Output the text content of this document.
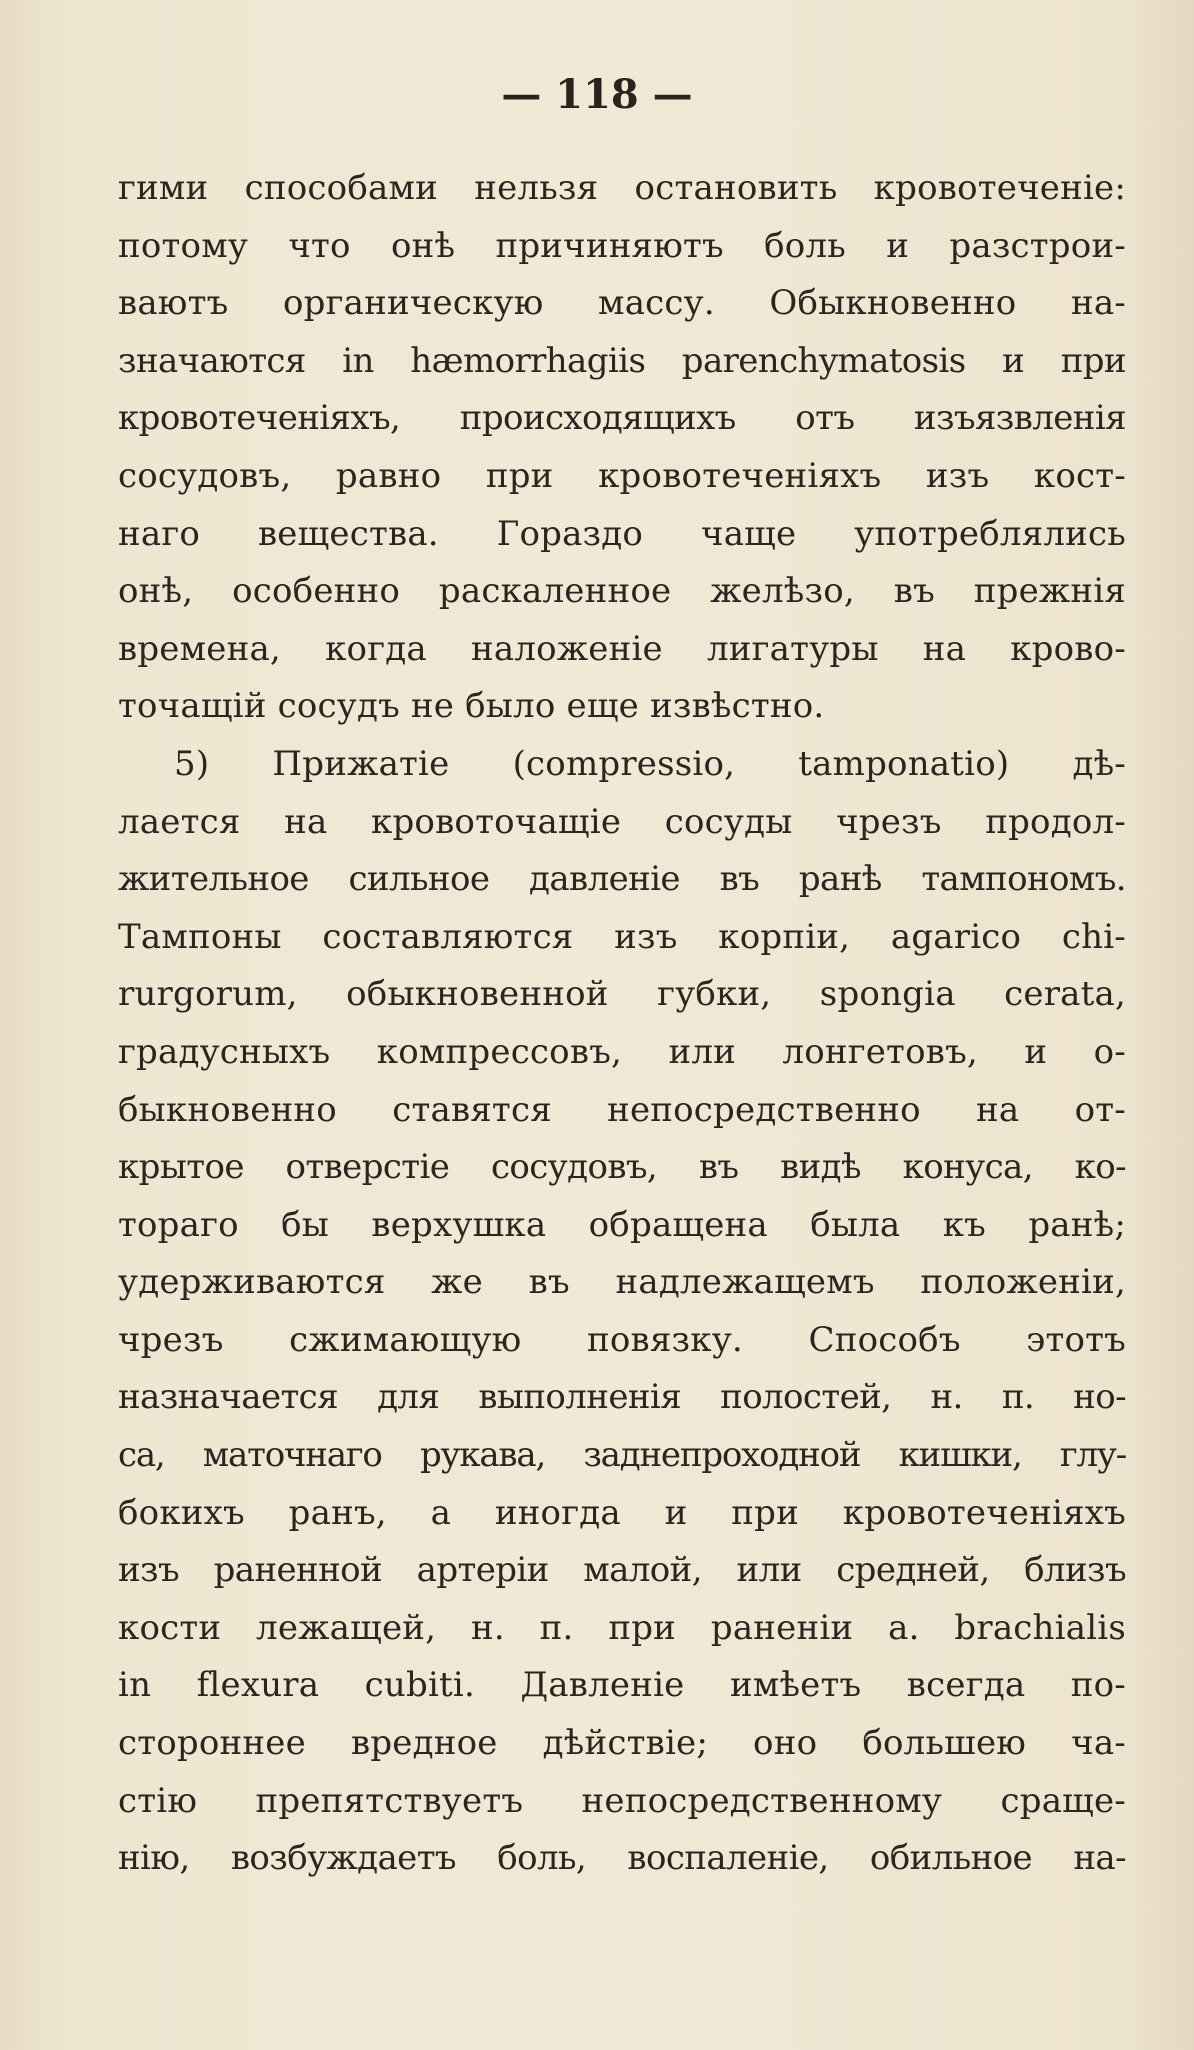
— 118 —
гими способами нельзя остановить кровотеченіе:
потому что онѣ причиняютъ боль и разстрои-
ваютъ органическую массу. Обыкновенно на-
значаются in hæmorrhagiis parenchymatosis и при
кровотеченіяхъ, происходящихъ отъ изъязвленія
сосудовъ, равно при кровотеченіяхъ изъ кост-
наго вещества. Гораздо чаще употреблялись
онѣ, особенно раскаленное желѣзо, въ прежнія
времена, когда наложеніе лигатуры на крово-
точащій сосудъ не было еще извѣстно.
5) Прижатіе (compressio, tamponatio) дѣ-
лается на кровоточащіе сосуды чрезъ продол-
жительное сильное давленіе въ ранѣ тампономъ.
Тампоны составляются изъ корпіи, agarico chi-
rurgorum, обыкновенной губки, spongia cerata,
градусныхъ компрессовъ, или лонгетовъ, и о-
быкновенно ставятся непосредственно на от-
крытое отверстіе сосудовъ, въ видѣ конуса, ко-
тораго бы верхушка обращена была къ ранѣ;
удерживаются же въ надлежащемъ положеніи,
чрезъ сжимающую повязку. Способъ этотъ
назначается для выполненія полостей, н. п. но-
са, маточнаго рукава, заднепроходной кишки, глу-
бокихъ ранъ, а иногда и при кровотеченіяхъ
изъ раненной артеріи малой, или средней, близъ
кости лежащей, н. п. при раненіи a. brachialis
in flexura cubiti. Давленіе имѣетъ всегда по-
стороннее вредное дѣйствіе; оно большею ча-
стію препятствуетъ непосредственному сращe-
нію, возбуждаетъ боль, воспаленіе, обильное на-
